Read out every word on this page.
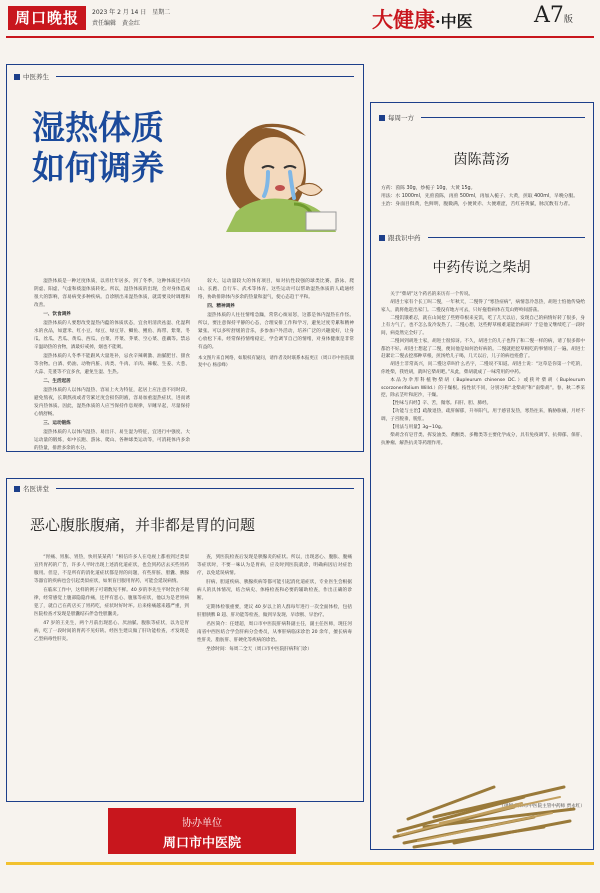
周口晚报	2023 年 2 月 14 日　星期二
责任编辑　黄金红	大健康·中医	A7版
中医养生
湿热体质
如何调养

湿热体质是一种过度体质，以青壮年居多。到了冬季，这种体质还可向阴虚、阳虚、气虚和痰湿体质转化。所以，湿热体质的出现，会对身体造成很大的影响，容易病变多种疾病。自诊断出来湿热体质，就需要及时调理和改善。

一、饮食调养

湿热体质的人要想改变湿热内蕴的体质状态，宜食用清淡祛湿、化湿利水的食品，如薏米、红小豆、绿豆、绿豆芽、鲫鱼、鲤鱼、海带、紫菜、冬瓜、丝瓜、苦瓜、黄瓜、西瓜、白菜、芹菜、荠菜、空心菜、莲藕等。禁忌辛温助热的食物，酒最好戒掉，烟也不能吸。

湿热体质的人冬季不能跟风大量进补，忌食辛辣刺激、油腻肥甘、甜食等食物。白酒、奶油、动物内脏、肉类、牛肉、羊肉、辣椒、生姜、大葱、大蒜、芫荽等不宜多食，避免生湿、生热。

二、生活起居

湿热体质的人以体内湿热、容易上火为特征，起居上应注意不同时段，避免熬夜，长期熬夜或者劳累过度会损伤阴液，容易加重湿热症状，进而诱发内热体质。因此，湿热体质的人应当保持作息规律，早睡早起，尽量保持心情舒畅。

三、运动锻炼

湿热体质的人以体内湿热、易出汗、易生湿为特征，宜进行中强度、大运动量的锻炼，如中长跑、游泳、爬山、各种球类运动等，可消耗体内多余的热量，排泄多余的水分。

较大、运动量较大的体育项目，如对抗性较强的球类比赛、游泳、爬山、长跑、自行车、武术等体育。这些运动可以帮助湿热体质的人疏通经络，协助排除体内多余的热量和湿气，使心态趋于平和。

四、精神调养

湿热体质的人往往情绪急躁，常常心烦易怒，这都是体内湿热在作怪。所以，要注意保持平静的心态，合理安排工作和学习，避免过度劳累和精神紧张。可以多听舒缓的音乐，多参加户外活动，培养广泛的兴趣爱好，让身心放松下来。经常保持情绪稳定，学会调节自己的情绪，对身体健康是非常有益的。

本文图片来自网络，如版权有疑问，请作者及时联系本报更正（周口市中医院康复中心 杨彦峰）
名医讲堂
恶心腹胀腹痛，并非都是胃的问题

“胃痛、胃胀、胃热，快用某某药！”相信许多人在电视上都看到过类似宣传胃药的广告，许多人平时出现上述消化道症状，也会到药店去买些胃药服用。但是，不是所有的消化道症状都是胃的问题，有些肝脏、胆囊、胰腺等器官的疾病也会引起类似症状，如果盲目服用胃药，可能会延误病情。

在临床工作中，这样的例子可谓数见不鲜。40 岁的李先生平时饮食不规律，经常感觉上腹部隐隐作痛，还伴有恶心、腹胀等症状，他以为是老胃病犯了，就自己在药店买了胃药吃，症状时好时坏。后来疼痛越来越严重，到医院检查才发现是胆囊结石伴急性胆囊炎。

47 岁的王先生，两个月前出现恶心、厌油腻、腹胀等症状，以为是胃病，吃了一段时间的胃药不见好转。经医生建议做了肝功能检查，才发现是乙型病毒性肝炎。

查，到医院检查后发现是胰腺炎的症状。所以，出现恶心、腹胀、腹痛等症状时，不要一味认为是胃病，应及时到医院就诊，明确病因后对症治疗，以免延误病情。

肝病、胆道疾病、胰腺疾病等都可能引起消化道症状，专业医生会根据病人的具体情况，结合病史、体格检查和必要的辅助检查，作出正确的诊断。

定期体检很重要，建议 40 岁以上的人群每年进行一次全面体检，包括肝胆胰脾 B 超、肝功能等检查，做到早发现、早诊断、早治疗。

名医简介：任建超，周口市中医院肝病科副主任，副主任医师，现任河南省中西医结合学会肝病分会委员，从事肝病临床诊治 20 余年，擅长病毒性肝炎、脂肪肝、肝硬化等疾病的诊治。

坐诊时间：每周二全天（周口市中医院肝病科门诊）

每周一方
茵陈蒿汤

方药：茵陈 30g，炒栀子 10g，大黄 15g。

用法：水 1000ml，先煎茵陈，再煎 500ml，再加入栀子、大黄，煎取 400ml，早晚分服。

主治：身面目俱黄，色鲜明，腹微满，小便黄赤、大便难涩，舌红苔黄腻，脉沉数有力者。

跟我识中药
中药传说之柴胡

关于“柴胡”这个药名的来历有一个传说。

胡进士家有个长工叫二慢，一年秋天，二慢得了“寒热症病”，病情忽冷忽热，胡进士怕他传染给家人，就将他赶出家门。二慢没有地方可去，只好拖着病体在荒山野岭间游荡。

二慢饥饿难忍，就在山间挖了些野草根来充饥，吃了几天以后，发现自己的病情好转了很多，身上有力气了，也不怎么发冷发热了。二慢心想，这些野草根难道能治病吗？于是他又继续吃了一段时间，病竟然完全好了。

二慢回到胡进士家，胡进士很惊讶。不久，胡进士的儿子也得了和二慢一样的病，请了很多郎中都治不好。胡进士想起了二慢，便问他是如何治好病的。二慢就把挖草根吃的事情说了一遍。胡进士赶紧让二慢去挖那种草根，煎汤给儿子喝，几天以后，儿子的病也痊愈了。

胡进士非常高兴，问二慢这草叫什么名字，二慢说不知道。胡进士说：“这草是你第一个吃的，你姓柴，我姓胡，就叫它柴胡吧。”从此，柴胡就成了一味常用的中药。

本品为伞形科植物柴胡（Bupleurum chinense DC.）或狭叶柴胡（Bupleurum scorzonerifolium Willd.）的干燥根。按性状不同，分别习称“北柴胡”和“南柴胡”。春、秋二季采挖，除去茎叶和泥沙，干燥。

【性味与归经】辛、苦，微寒。归肝、胆、肺经。

【功能与主治】疏散退热，疏肝解郁，升举阳气。用于感冒发热，寒热往来，胸胁胀痛，月经不调，子宫脱垂，脱肛。

【用法与用量】3g~10g。

柴胡含有皂苷类、挥发油类、黄酮类、多糖类等主要化学成分，具有免疫调节、抗抑郁、保肝、抗肿瘤、解热抗炎等药理作用。

（供稿 周口市中医院主管中药师 贾永红）
协办单位
周口市中医院
